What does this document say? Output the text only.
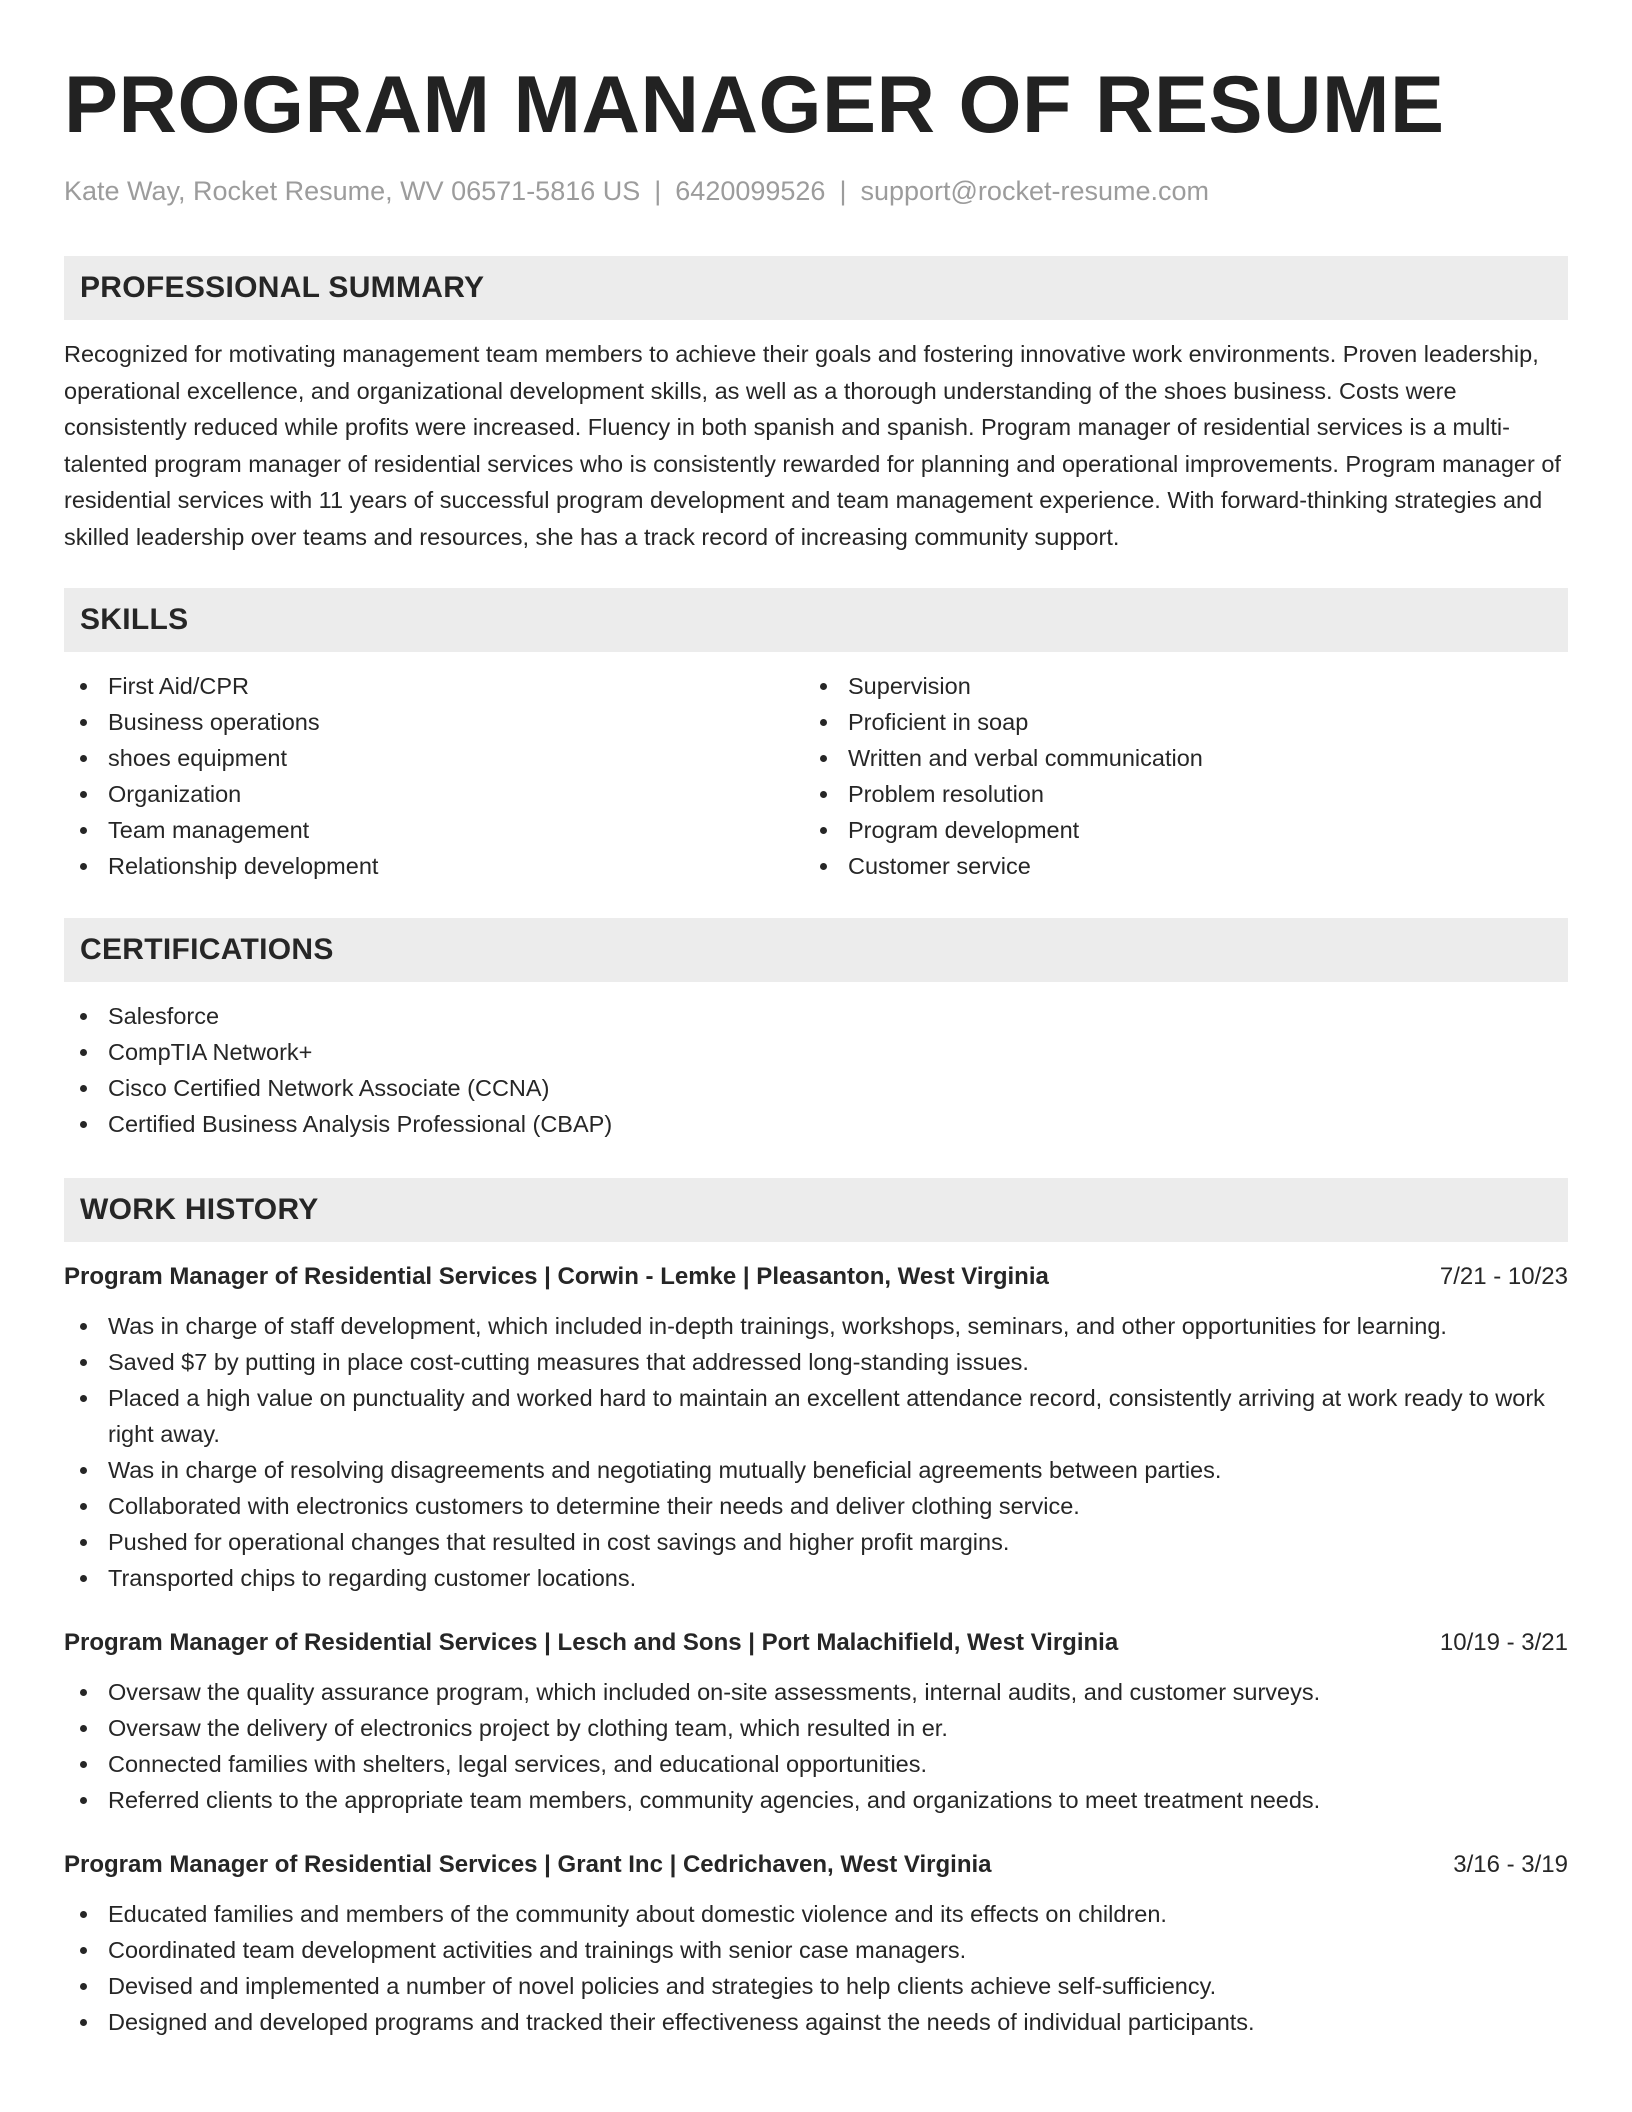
PROGRAM MANAGER OF RESUME
Kate Way, Rocket Resume, WV 06571-5816 US | 6420099526 | support@rocket-resume.com
PROFESSIONAL SUMMARY
Recognized for motivating management team members to achieve their goals and fostering innovative work environments. Proven leadership, operational excellence, and organizational development skills, as well as a thorough understanding of the shoes business. Costs were consistently reduced while profits were increased. Fluency in both spanish and spanish. Program manager of residential services is a multi-talented program manager of residential services who is consistently rewarded for planning and operational improvements. Program manager of residential services with 11 years of successful program development and team management experience. With forward-thinking strategies and skilled leadership over teams and resources, she has a track record of increasing community support.
SKILLS
First Aid/CPR
Business operations
shoes equipment
Organization
Team management
Relationship development
Supervision
Proficient in soap
Written and verbal communication
Problem resolution
Program development
Customer service
CERTIFICATIONS
Salesforce
CompTIA Network+
Cisco Certified Network Associate (CCNA)
Certified Business Analysis Professional (CBAP)
WORK HISTORY
Program Manager of Residential Services | Corwin - Lemke | Pleasanton, West Virginia	7/21 - 10/23
Was in charge of staff development, which included in-depth trainings, workshops, seminars, and other opportunities for learning.
Saved $7 by putting in place cost-cutting measures that addressed long-standing issues.
Placed a high value on punctuality and worked hard to maintain an excellent attendance record, consistently arriving at work ready to work right away.
Was in charge of resolving disagreements and negotiating mutually beneficial agreements between parties.
Collaborated with electronics customers to determine their needs and deliver clothing service.
Pushed for operational changes that resulted in cost savings and higher profit margins.
Transported chips to regarding customer locations.
Program Manager of Residential Services | Lesch and Sons | Port Malachifield, West Virginia	10/19 - 3/21
Oversaw the quality assurance program, which included on-site assessments, internal audits, and customer surveys.
Oversaw the delivery of electronics project by clothing team, which resulted in er.
Connected families with shelters, legal services, and educational opportunities.
Referred clients to the appropriate team members, community agencies, and organizations to meet treatment needs.
Program Manager of Residential Services | Grant Inc | Cedrichaven, West Virginia	3/16 - 3/19
Educated families and members of the community about domestic violence and its effects on children.
Coordinated team development activities and trainings with senior case managers.
Devised and implemented a number of novel policies and strategies to help clients achieve self-sufficiency.
Designed and developed programs and tracked their effectiveness against the needs of individual participants.
